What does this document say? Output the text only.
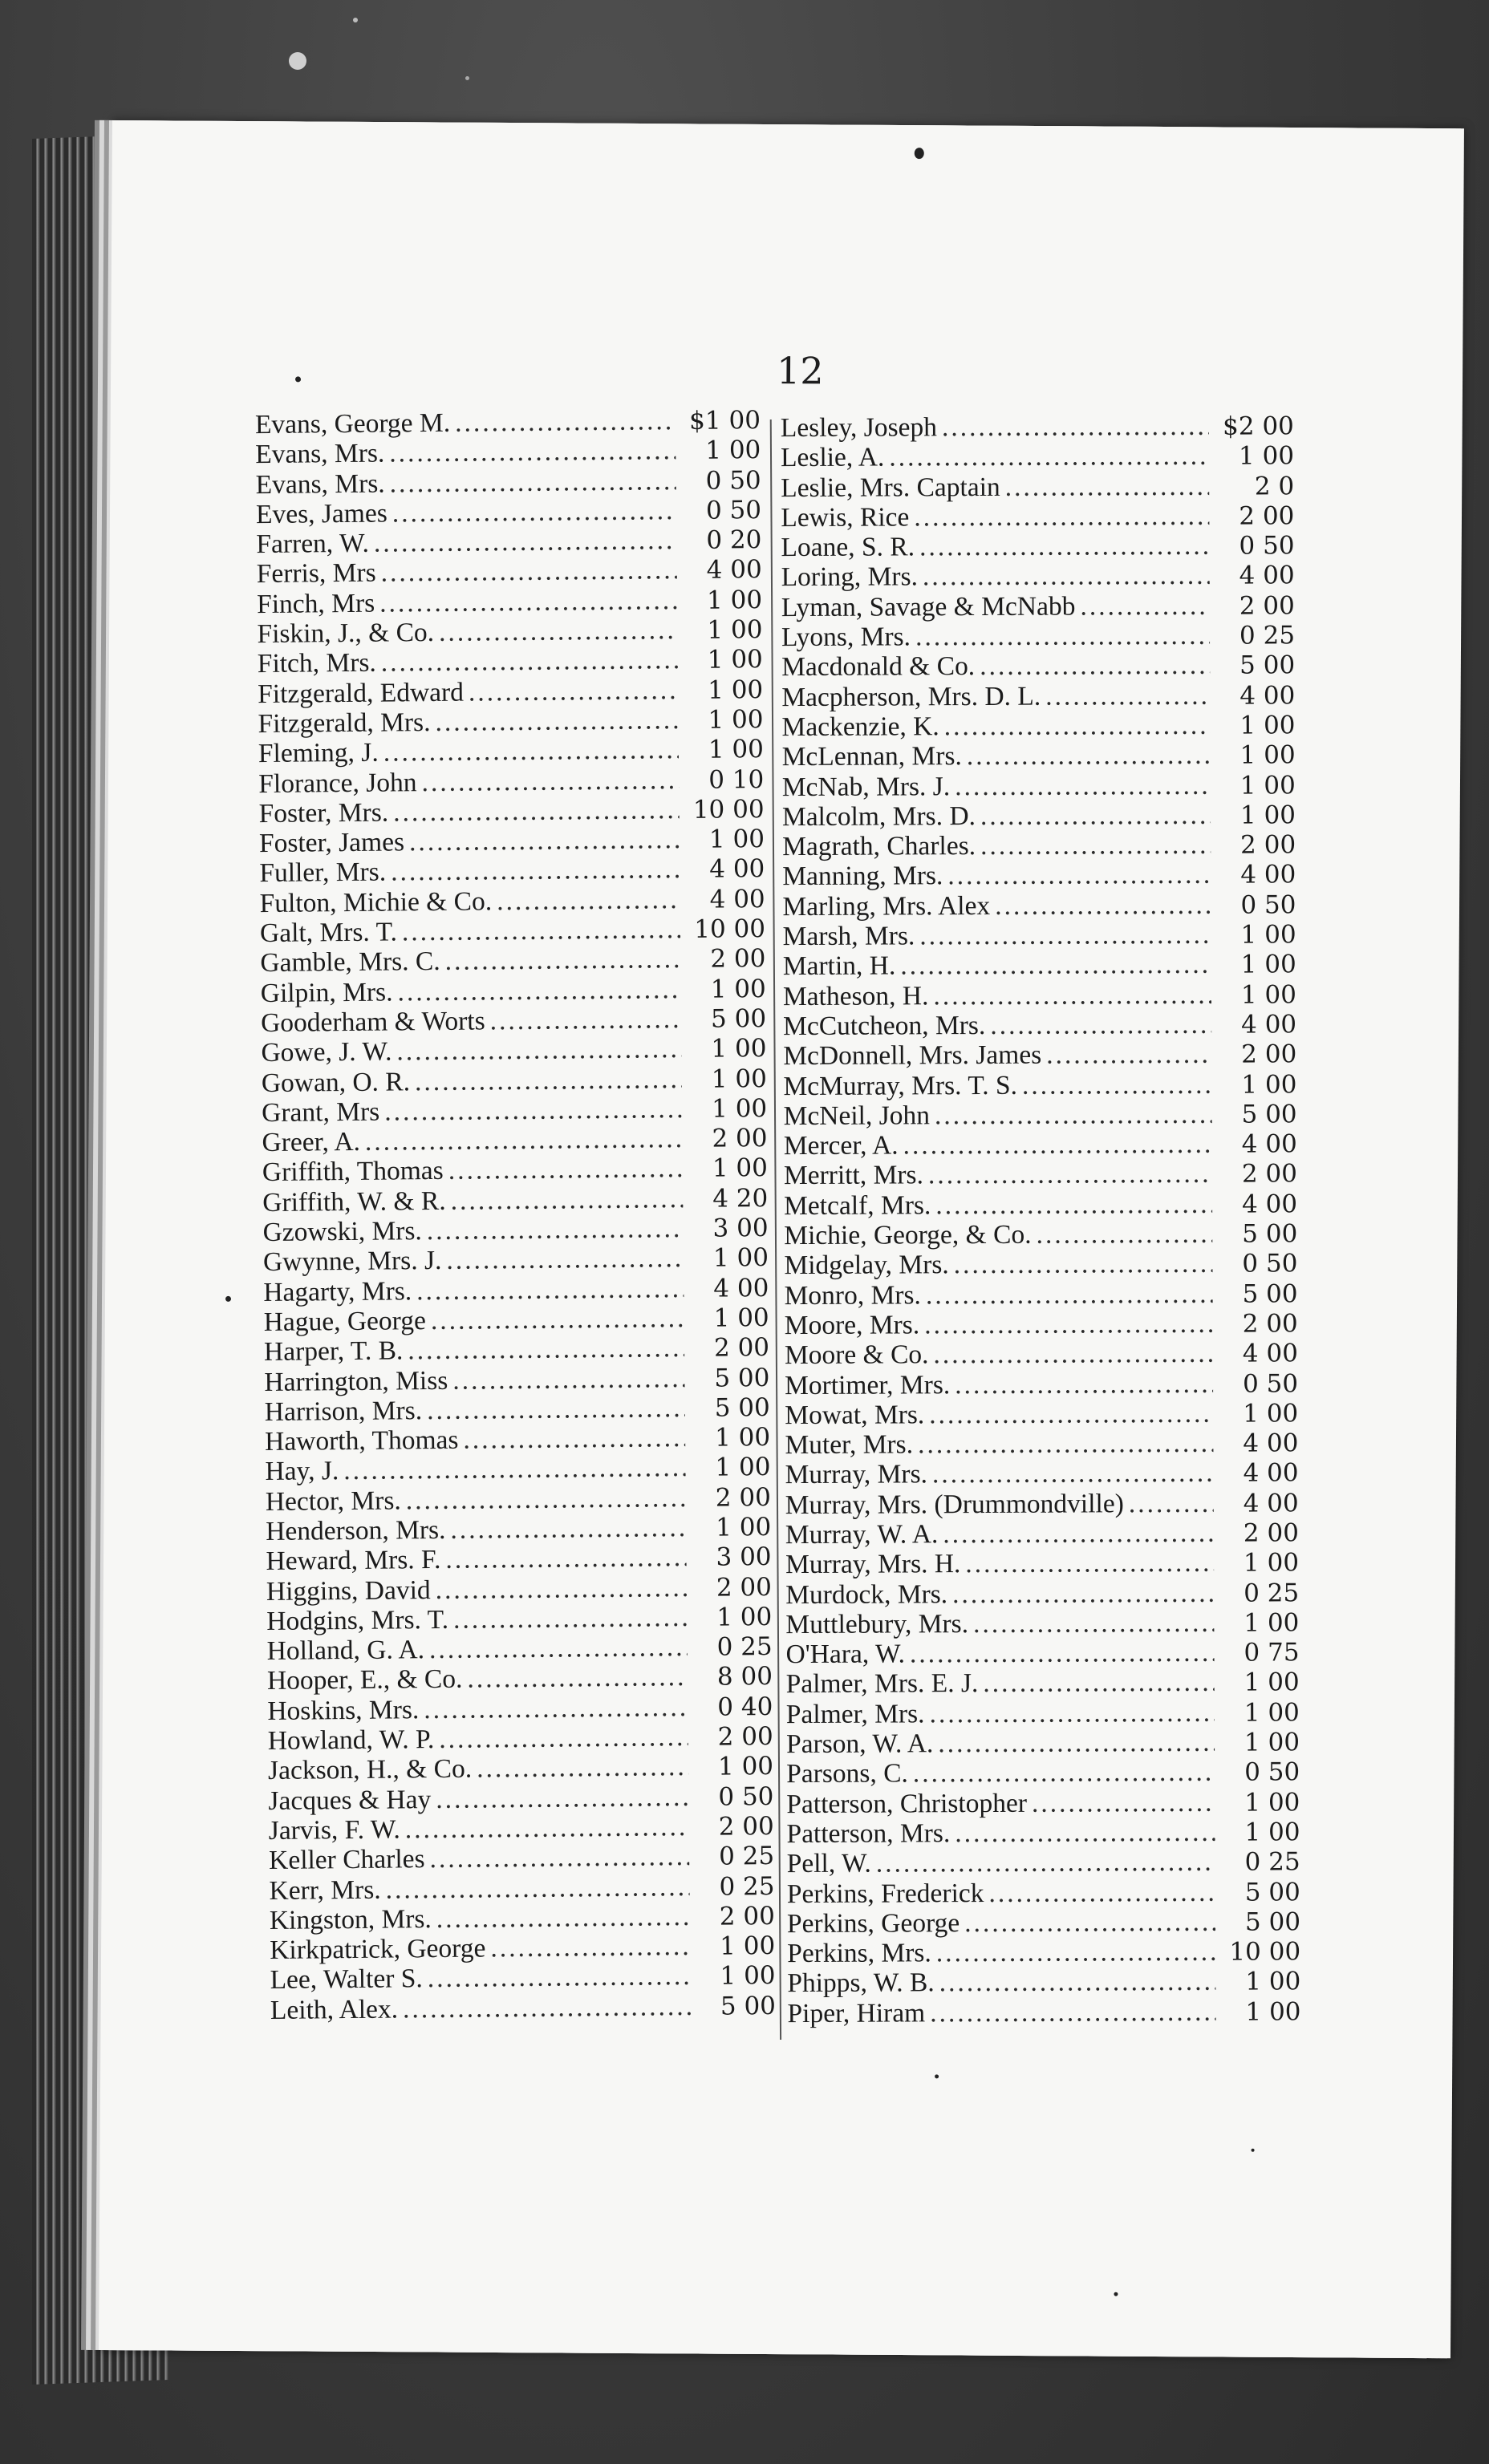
12
Evans, George M. .....	$1 00
Evans, Mrs. .....	1 00
Evans, Mrs. .....	0 50
Eves, James .....	0 50
Farren, W. .....	0 20
Ferris, Mrs .....	4 00
Finch, Mrs .....	1 00
Fiskin, J., & Co. .....	1 00
Fitch, Mrs. .....	1 00
Fitzgerald, Edward .....	1 00
Fitzgerald, Mrs. .....	1 00
Fleming, J. .....	1 00
Florance, John .....	0 10
Foster, Mrs. .....	10 00
Foster, James .....	1 00
Fuller, Mrs. .....	4 00
Fulton, Michie & Co. .....	4 00
Galt, Mrs. T. .....	10 00
Gamble, Mrs. C. .....	2 00
Gilpin, Mrs. .....	1 00
Gooderham & Worts .....	5 00
Gowe, J. W. .....	1 00
Gowan, O. R. .....	1 00
Grant, Mrs .....	1 00
Greer, A. .....	2 00
Griffith, Thomas .....	1 00
Griffith, W. & R. .....	4 20
Gzowski, Mrs. .....	3 00
Gwynne, Mrs. J. .....	1 00
Hagarty, Mrs. .....	4 00
Hague, George .....	1 00
Harper, T. B. .....	2 00
Harrington, Miss .....	5 00
Harrison, Mrs. .....	5 00
Haworth, Thomas .....	1 00
Hay, J. .....	1 00
Hector, Mrs. .....	2 00
Henderson, Mrs. .....	1 00
Heward, Mrs. F. .....	3 00
Higgins, David .....	2 00
Hodgins, Mrs. T. .....	1 00
Holland, G. A. .....	0 25
Hooper, E., & Co. .....	8 00
Hoskins, Mrs. .....	0 40
Howland, W. P. .....	2 00
Jackson, H., & Co. .....	1 00
Jacques & Hay .....	0 50
Jarvis, F. W. .....	2 00
Keller Charles .....	0 25
Kerr, Mrs. .....	0 25
Kingston, Mrs. .....	2 00
Kirkpatrick, George .....	1 00
Lee, Walter S. .....	1 00
Leith, Alex. .....	5 00
Lesley, Joseph .....	$2 00
Leslie, A. .....	1 00
Leslie, Mrs. Captain .....	2 0
Lewis, Rice .....	2 00
Loane, S. R. .....	0 50
Loring, Mrs. .....	4 00
Lyman, Savage & McNabb .....	2 00
Lyons, Mrs. .....	0 25
Macdonald & Co. .....	5 00
Macpherson, Mrs. D. L. .....	4 00
Mackenzie, K. .....	1 00
McLennan, Mrs. .....	1 00
McNab, Mrs. J. .....	1 00
Malcolm, Mrs. D. .....	1 00
Magrath, Charles. .....	2 00
Manning, Mrs. .....	4 00
Marling, Mrs. Alex .....	0 50
Marsh, Mrs. .....	1 00
Martin, H. .....	1 00
Matheson, H. .....	1 00
McCutcheon, Mrs. .....	4 00
McDonnell, Mrs. James .....	2 00
McMurray, Mrs. T. S. .....	1 00
McNeil, John .....	5 00
Mercer, A. .....	4 00
Merritt, Mrs. .....	2 00
Metcalf, Mrs. .....	4 00
Michie, George, & Co. .....	5 00
Midgelay, Mrs. .....	0 50
Monro, Mrs. .....	5 00
Moore, Mrs. .....	2 00
Moore & Co. .....	4 00
Mortimer, Mrs. .....	0 50
Mowat, Mrs. .....	1 00
Muter, Mrs. .....	4 00
Murray, Mrs. .....	4 00
Murray, Mrs. (Drummondville) .....	4 00
Murray, W. A. .....	2 00
Murray, Mrs. H. .....	1 00
Murdock, Mrs. .....	0 25
Muttlebury, Mrs. .....	1 00
O'Hara, W. .....	0 75
Palmer, Mrs. E. J. .....	1 00
Palmer, Mrs. .....	1 00
Parson, W. A. .....	1 00
Parsons, C. .....	0 50
Patterson, Christopher .....	1 00
Patterson, Mrs. .....	1 00
Pell, W. .....	0 25
Perkins, Frederick .....	5 00
Perkins, George .....	5 00
Perkins, Mrs. .....	10 00
Phipps, W. B. .....	1 00
Piper, Hiram .....	1 00
